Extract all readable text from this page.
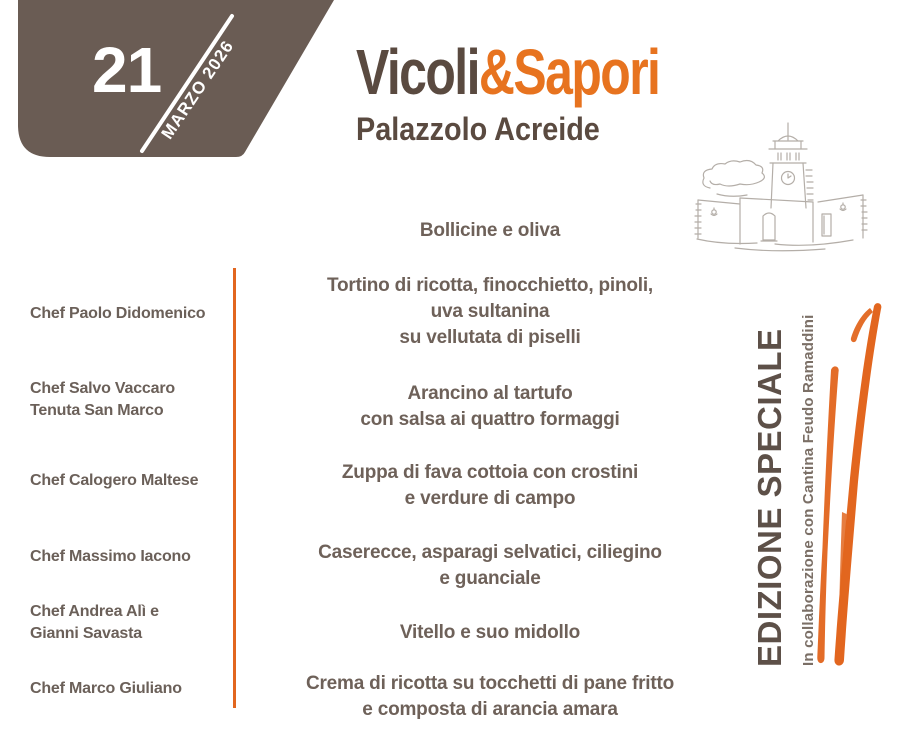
21
MARZO 2026 Vicoli&Sapori
Palazzolo Acreide
Chef Paolo Didomenico
Chef Salvo Vaccaro
Tenuta San Marco
Chef Calogero Maltese
Chef Massimo Iacono
Chef Andrea Alì e
Gianni Savasta
Chef Marco Giuliano
Bollicine e oliva
Tortino di ricotta, finocchietto, pinoli,
uva sultanina
su vellutata di piselli
Arancino al tartufo
con salsa ai quattro formaggi
Zuppa di fava cottoia con crostini
e verdure di campo
Caserecce, asparagi selvatici, ciliegino
e guanciale
Vitello e suo midollo
Crema di ricotta su tocchetti di pane fritto
e composta di arancia amara
EDIZIONE SPECIALE In collaborazione con Cantina Feudo Ramaddini
